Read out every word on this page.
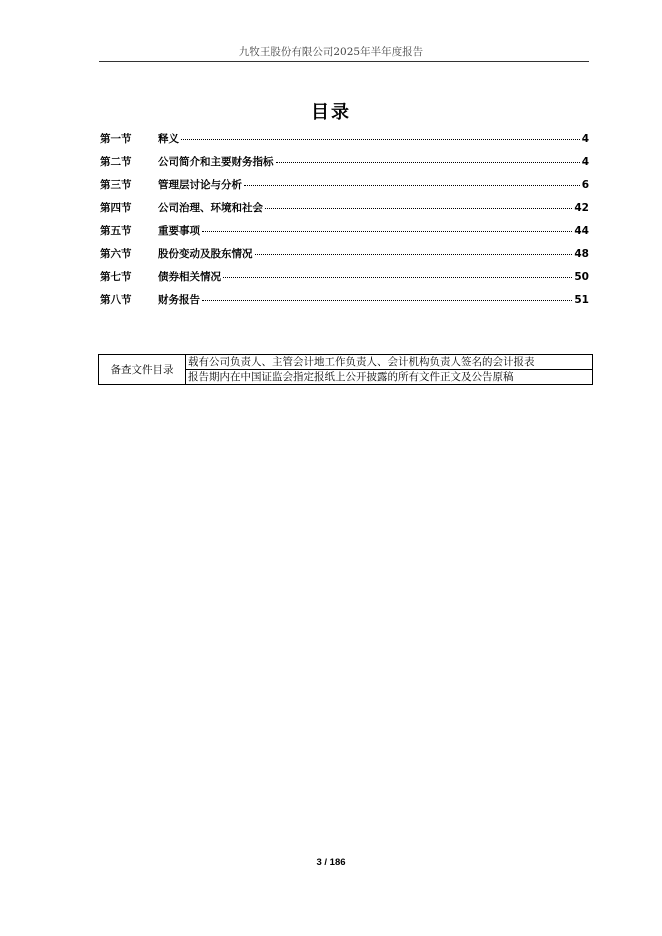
九牧王股份有限公司2025年半年度报告
目录
第一节	释义	4
第二节	公司简介和主要财务指标	4
第三节	管理层讨论与分析	6
第四节	公司治理、环境和社会	42
第五节	重要事项	44
第六节	股份变动及股东情况	48
第七节	债券相关情况	50
第八节	财务报告	51
备查文件目录	载有公司负责人、主管会计地工作负责人、会计机构负责人签名的会计报表
报告期内在中国证监会指定报纸上公开披露的所有文件正文及公告原稿
3 / 186
